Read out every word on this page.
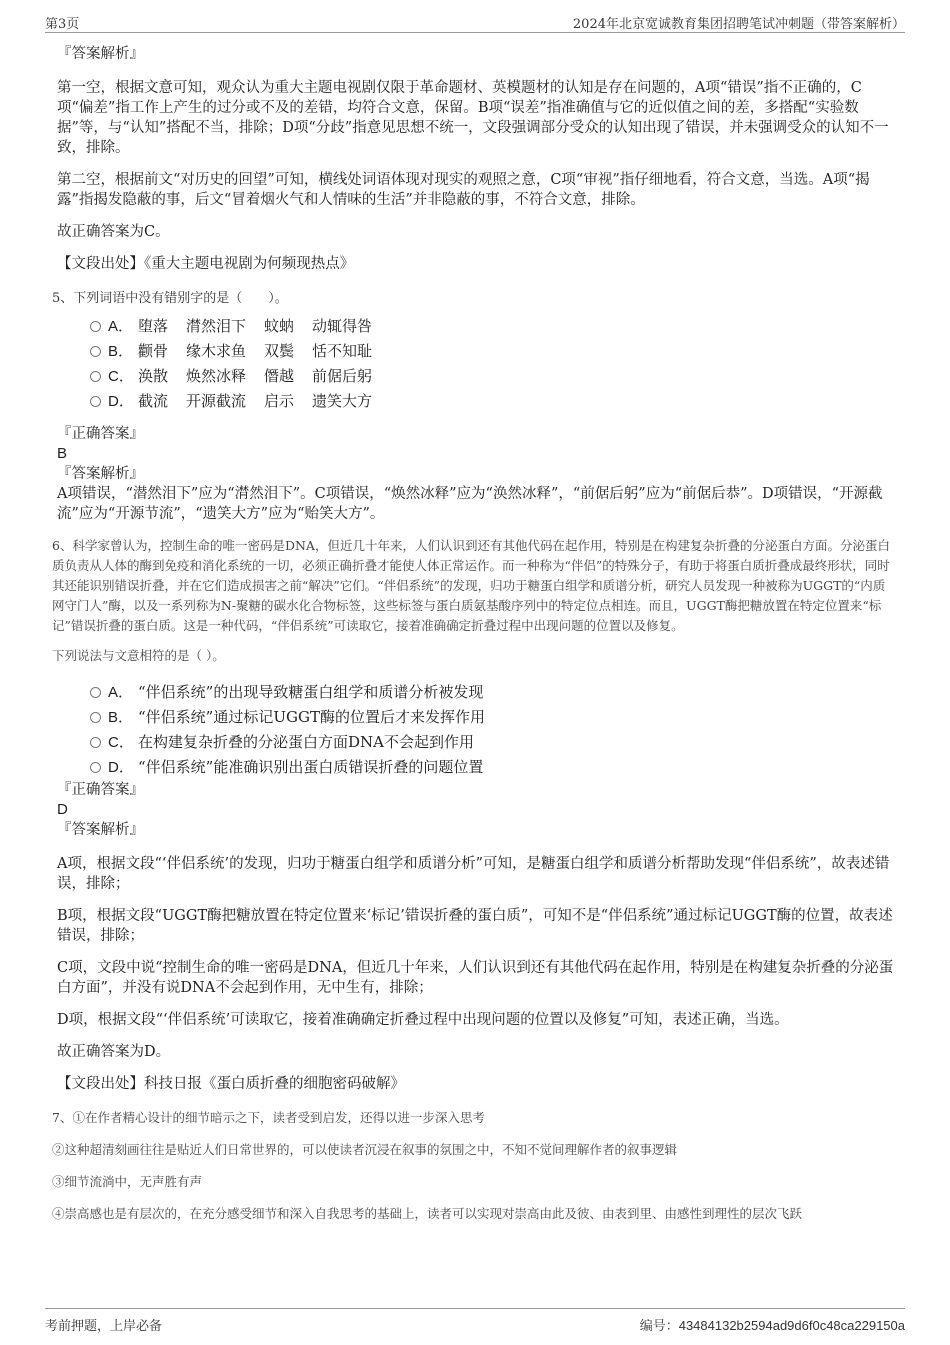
第3页	2024年北京宽诚教育集团招聘笔试冲刺题（带答案解析）

『答案解析』

第一空，根据文意可知，观众认为重大主题电视剧仅限于革命题材、英模题材的认知是存在问题的，A项“错误”指不正确的，C项“偏差”指工作上产生的过分或不及的差错，均符合文意，保留。B项“误差”指准确值与它的近似值之间的差，多搭配“实验数据”等，与“认知”搭配不当，排除；D项“分歧”指意见思想不统一，文段强调部分受众的认知出现了错误，并未强调受众的认知不一致，排除。

第二空，根据前文“对历史的回望”可知，横线处词语体现对现实的观照之意，C项“审视”指仔细地看，符合文意，当选。A项“揭露”指揭发隐蔽的事，后文“冒着烟火气和人情味的生活”并非隐蔽的事，不符合文意，排除。

故正确答案为C。

【文段出处】《重大主题电视剧为何频现热点》

5、下列词语中没有错别字的是（　　）。

A． 堕落 潸然泪下 蚊蚋 动辄得咎
B． 颧骨 缘木求鱼 双鬓 恬不知耻
C． 涣散 焕然冰释 僭越 前倨后躬
D． 截流 开源截流 启示 遗笑大方

『正确答案』

B

『答案解析』

A项错误，“潜然泪下”应为“潸然泪下”。C项错误，“焕然冰释”应为“涣然冰释”，“前倨后躬”应为“前倨后恭”。D项错误，“开源截流”应为“开源节流”，“遗笑大方”应为“贻笑大方”。

6、科学家曾认为，控制生命的唯一密码是DNA，但近几十年来，人们认识到还有其他代码在起作用，特别是在构建复杂折叠的分泌蛋白方面。分泌蛋白质负责从人体的酶到免疫和消化系统的一切，必须正确折叠才能使人体正常运作。而一种称为“伴侣”的特殊分子，有助于将蛋白质折叠成最终形状，同时其还能识别错误折叠，并在它们造成损害之前“解决”它们。“伴侣系统”的发现，归功于糖蛋白组学和质谱分析，研究人员发现一种被称为UGGT的“内质网守门人”酶，以及一系列称为N-聚糖的碳水化合物标签，这些标签与蛋白质氨基酸序列中的特定位点相连。而且，UGGT酶把糖放置在特定位置来“标记”错误折叠的蛋白质。这是一种代码，“伴侣系统”可读取它，接着准确确定折叠过程中出现问题的位置以及修复。

下列说法与文意相符的是（ ）。

A． “伴侣系统”的出现导致糖蛋白组学和质谱分析被发现
B． “伴侣系统”通过标记UGGT酶的位置后才来发挥作用
C． 在构建复杂折叠的分泌蛋白方面DNA不会起到作用
D． “伴侣系统”能准确识别出蛋白质错误折叠的问题位置

『正确答案』

D

『答案解析』

A项，根据文段“‘伴侣系统’的发现，归功于糖蛋白组学和质谱分析”可知，是糖蛋白组学和质谱分析帮助发现“伴侣系统”，故表述错误，排除；

B项，根据文段“UGGT酶把糖放置在特定位置来‘标记’错误折叠的蛋白质”，可知不是“伴侣系统”通过标记UGGT酶的位置，故表述错误，排除；

C项，文段中说“控制生命的唯一密码是DNA，但近几十年来，人们认识到还有其他代码在起作用，特别是在构建复杂折叠的分泌蛋白方面”，并没有说DNA不会起到作用，无中生有，排除；

D项，根据文段“‘伴侣系统’可读取它，接着准确确定折叠过程中出现问题的位置以及修复”可知，表述正确，当选。

故正确答案为D。

【文段出处】科技日报《蛋白质折叠的细胞密码破解》

7、①在作者精心设计的细节暗示之下，读者受到启发，还得以进一步深入思考

②这种超清刻画往往是贴近人们日常世界的，可以使读者沉浸在叙事的氛围之中，不知不觉间理解作者的叙事逻辑

③细节流淌中，无声胜有声

④崇高感也是有层次的，在充分感受细节和深入自我思考的基础上，读者可以实现对崇高由此及彼、由表到里、由感性到理性的层次飞跃

考前押题，上岸必备	编号：43484132b2594ad9d6f0c48ca229150a
